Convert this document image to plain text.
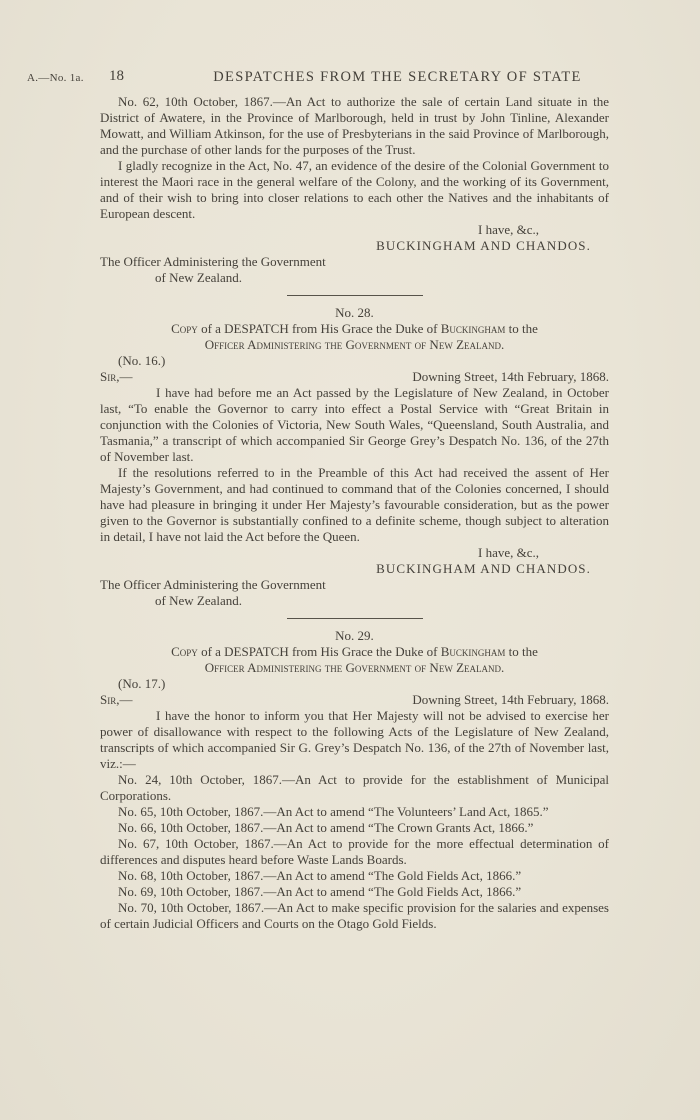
A.—No. 1a. 18	DESPATCHES FROM THE SECRETARY OF STATE

No. 62, 10th October, 1867.—An Act to authorize the sale of certain Land situate in the District of Awatere, in the Province of Marlborough, held in trust by John Tinline, Alexander Mowatt, and William Atkinson, for the use of Presbyterians in the said Province of Marlborough, and the purchase of other lands for the purposes of the Trust.

I gladly recognize in the Act, No. 47, an evidence of the desire of the Colonial Government to interest the Maori race in the general welfare of the Colony, and the working of its Government, and of their wish to bring into closer relations to each other the Natives and the inhabitants of European descent.

I have, &c.,
BUCKINGHAM AND CHANDOS.
The Officer Administering the Government
of New Zealand.

No. 28.

Copy of a DESPATCH from His Grace the Duke of Buckingham to the
Officer Administering the Government of New Zealand.

(No. 16.)
Sir,—	Downing Street, 14th February, 1868.

I have had before me an Act passed by the Legislature of New Zealand, in October last, “To enable the Governor to carry into effect a Postal Service with “Great Britain in conjunction with the Colonies of Victoria, New South Wales, “Queensland, South Australia, and Tasmania,” a transcript of which accompanied Sir George Grey’s Despatch No. 136, of the 27th of November last.

If the resolutions referred to in the Preamble of this Act had received the assent of Her Majesty’s Government, and had continued to command that of the Colonies concerned, I should have had pleasure in bringing it under Her Majesty’s favourable consideration, but as the power given to the Governor is substantially confined to a definite scheme, though subject to alteration in detail, I have not laid the Act before the Queen.

I have, &c.,
BUCKINGHAM AND CHANDOS.
The Officer Administering the Government
of New Zealand.

No. 29.

Copy of a DESPATCH from His Grace the Duke of Buckingham to the
Officer Administering the Government of New Zealand.

(No. 17.)
Sir,—	Downing Street, 14th February, 1868.

I have the honor to inform you that Her Majesty will not be advised to exercise her power of disallowance with respect to the following Acts of the Legislature of New Zealand, transcripts of which accompanied Sir G. Grey’s Despatch No. 136, of the 27th of November last, viz.:—

No. 24, 10th October, 1867.—An Act to provide for the establishment of Municipal Corporations.

No. 65, 10th October, 1867.—An Act to amend “The Volunteers’ Land Act, 1865.”

No. 66, 10th October, 1867.—An Act to amend “The Crown Grants Act, 1866.”

No. 67, 10th October, 1867.—An Act to provide for the more effectual determination of differences and disputes heard before Waste Lands Boards.

No. 68, 10th October, 1867.—An Act to amend “The Gold Fields Act, 1866.”

No. 69, 10th October, 1867.—An Act to amend “The Gold Fields Act, 1866.”

No. 70, 10th October, 1867.—An Act to make specific provision for the salaries and expenses of certain Judicial Officers and Courts on the Otago Gold Fields.
